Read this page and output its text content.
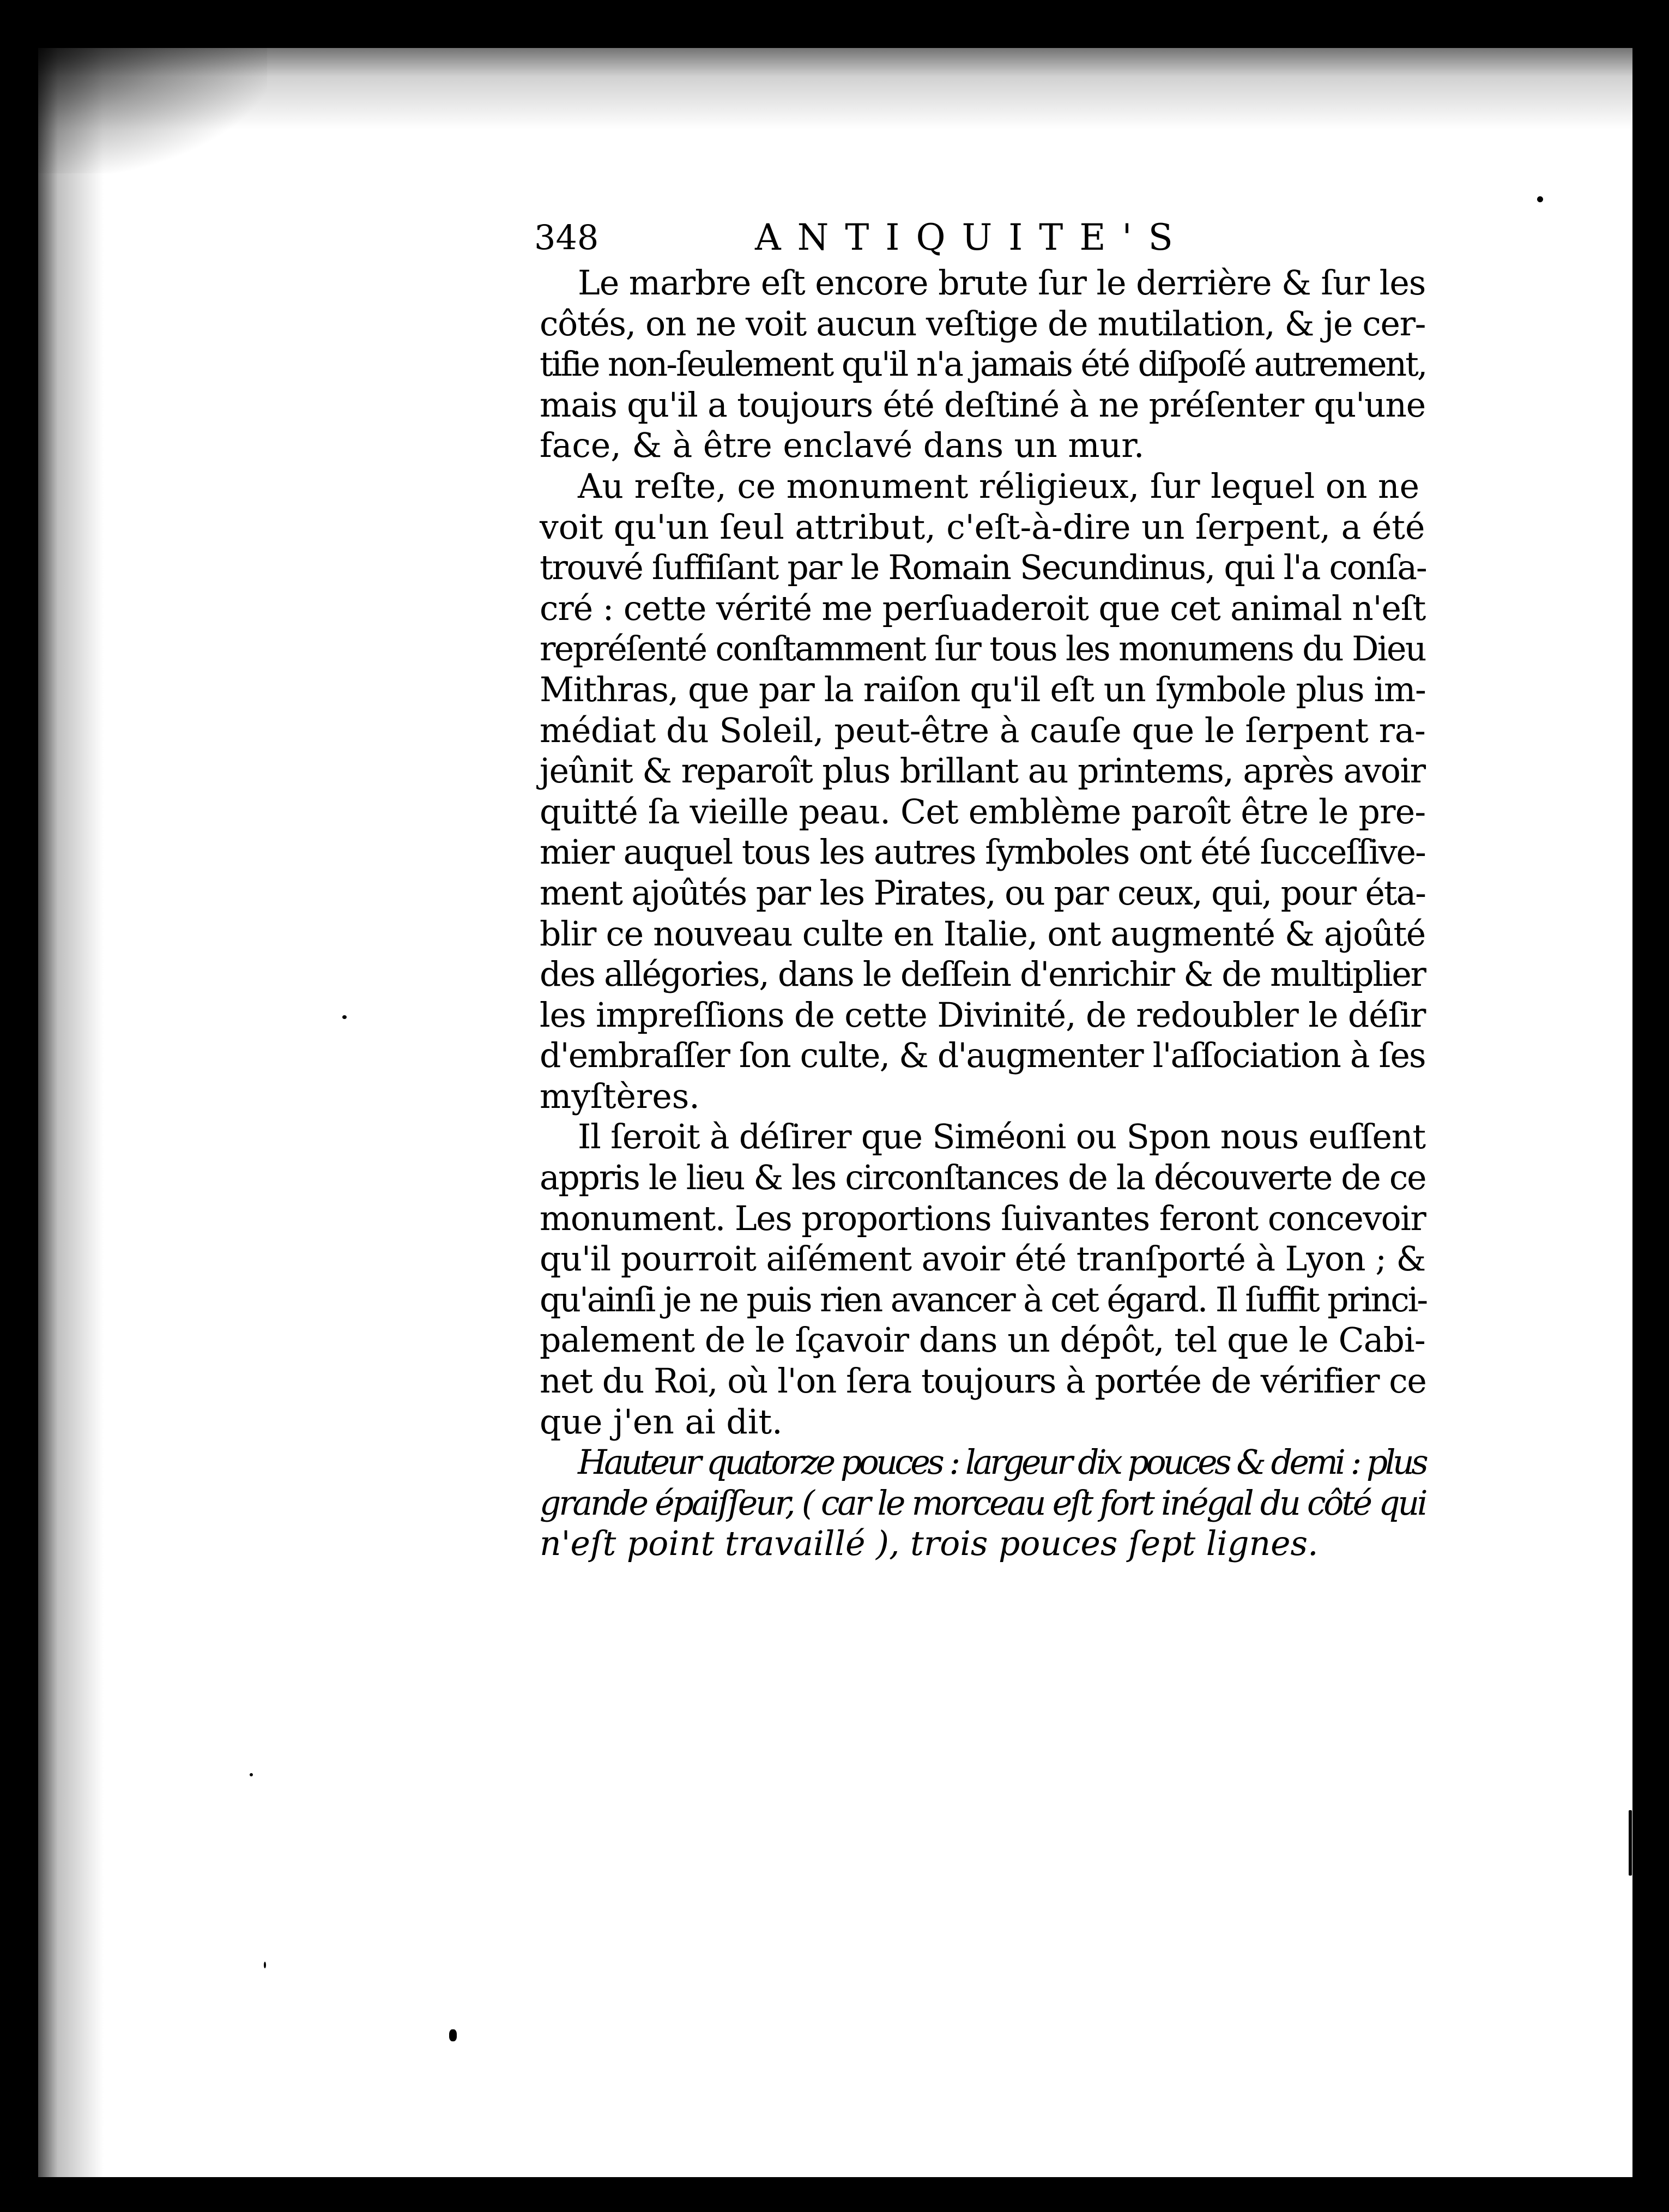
348	ANTIQUITE'S
Le marbre eſt encore brute ſur le derrière & ſur les
côtés, on ne voit aucun veſtige de mutilation, & je cer-
tifie non-ſeulement qu'il n'a jamais été diſpoſé autrement,
mais qu'il a toujours été deſtiné à ne préſenter qu'une
face, & à être enclavé dans un mur.
Au reſte, ce monument réligieux, ſur lequel on ne
voit qu'un ſeul attribut, c'eſt-à-dire un ſerpent, a été
trouvé ſuffiſant par le Romain Secundinus, qui l'a conſa-
cré : cette vérité me perſuaderoit que cet animal n'eſt
repréſenté conſtamment ſur tous les monumens du Dieu
Mithras, que par la raiſon qu'il eſt un ſymbole plus im-
médiat du Soleil, peut-être à cauſe que le ſerpent ra-
jeûnit & reparoît plus brillant au printems, après avoir
quitté ſa vieille peau. Cet emblème paroît être le pre-
mier auquel tous les autres ſymboles ont été ſucceſſive-
ment ajoûtés par les Pirates, ou par ceux, qui, pour éta-
blir ce nouveau culte en Italie, ont augmenté & ajoûté
des allégories, dans le deſſein d'enrichir & de multiplier
les impreſſions de cette Divinité, de redoubler le déſir
d'embraſſer ſon culte, & d'augmenter l'aſſociation à ſes
myſtères.
Il ſeroit à déſirer que Siméoni ou Spon nous euſſent
appris le lieu & les circonſtances de la découverte de ce
monument. Les proportions ſuivantes feront concevoir
qu'il pourroit aiſément avoir été tranſporté à Lyon ; &
qu'ainſi je ne puis rien avancer à cet égard. Il ſuffit princi-
palement de le ſçavoir dans un dépôt, tel que le Cabi-
net du Roi, où l'on ſera toujours à portée de vérifier ce
que j'en ai dit.
Hauteur quatorze pouces : largeur dix pouces & demi : plus
grande épaiſſeur, ( car le morceau eſt fort inégal du côté qui
n'eſt point travaillé ), trois pouces ſept lignes.
